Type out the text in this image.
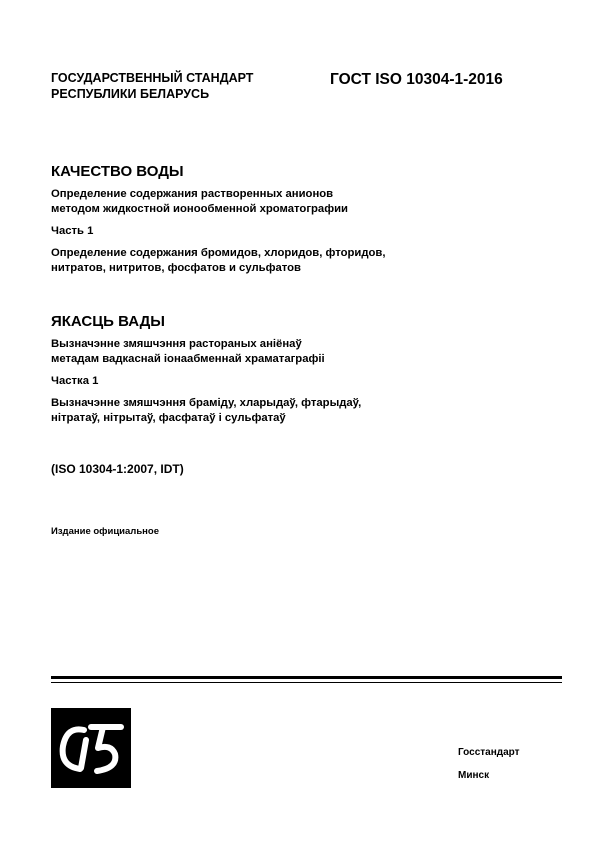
ГОСУДАРСТВЕННЫЙ СТАНДАРТ
РЕСПУБЛИКИ БЕЛАРУСЬ
ГОСТ ISO 10304-1-2016
КАЧЕСТВО ВОДЫ
Определение содержания растворенных анионов
методом жидкостной ионообменной хроматографии
Часть 1
Определение содержания бромидов, хлоридов, фторидов,
нитратов, нитритов, фосфатов и сульфатов
ЯКАСЦЬ ВАДЫ
Вызначэнне змяшчэння растораных аніёнаў
метадам вадкаснай іонаабменнай храматаграфіі
Частка 1
Вызначэнне змяшчэння браміду, хларыдаў, фтарыдаў,
нітратаў, нітрытаў, фасфатаў і сульфатаў
(ISO 10304-1:2007, IDT)
Издание официальное
Госстандарт
Минск
